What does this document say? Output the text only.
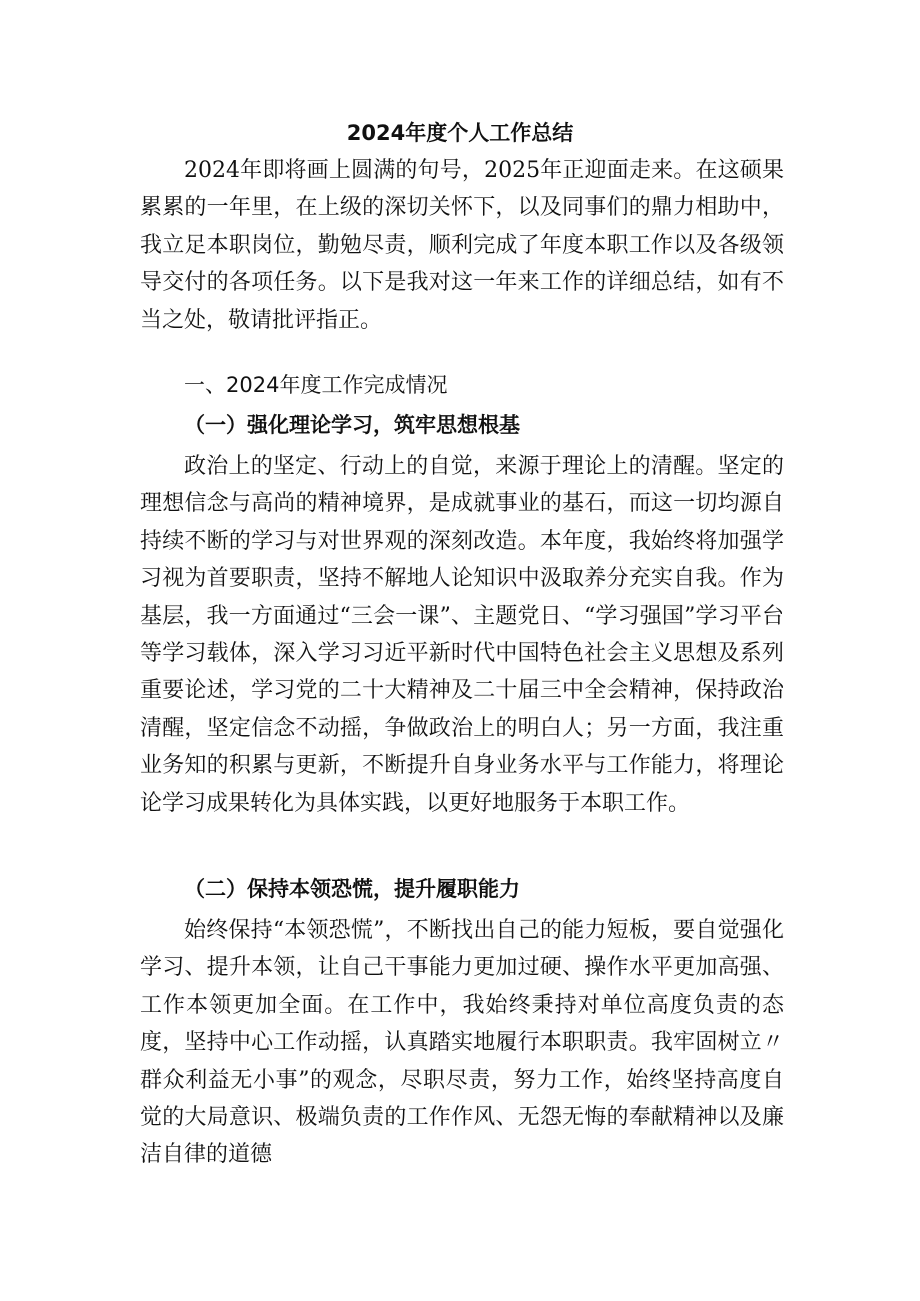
2024年度个人工作总结

2024年即将画上圆满的句号，2025年正迎面走来。在这硕果累累的一年里，在上级的深切关怀下，以及同事们的鼎力相助中，我立足本职岗位，勤勉尽责，顺利完成了年度本职工作以及各级领导交付的各项任务。以下是我对这一年来工作的详细总结，如有不当之处，敬请批评指正。

一、2024年度工作完成情况
（一）强化理论学习，筑牢思想根基

政治上的坚定、行动上的自觉，来源于理论上的清醒。坚定的理想信念与高尚的精神境界，是成就事业的基石，而这一切均源自持续不断的学习与对世界观的深刻改造。本年度，我始终将加强学习视为首要职责，坚持不解地人论知识中汲取养分充实自我。作为基层，我一方面通过“三会一课”、主题党日、“学习强国”学习平台等学习载体，深入学习习近平新时代中国特色社会主义思想及系列重要论述，学习党的二十大精神及二十届三中全会精神，保持政治清醒，坚定信念不动摇，争做政治上的明白人；另一方面，我注重业务知的积累与更新，不断提升自身业务水平与工作能力，将理论论学习成果转化为具体实践，以更好地服务于本职工作。

（二）保持本领恐慌，提升履职能力

始终保持“本领恐慌”，不断找出自己的能力短板，要自觉强化学习、提升本领，让自己干事能力更加过硬、操作水平更加高强、工作本领更加全面。在工作中，我始终秉持对单位高度负责的态度，坚持中心工作动摇，认真踏实地履行本职职责。我牢固树立〃群众利益无小事”的观念，尽职尽责，努力工作，始终坚持高度自觉的大局意识、极端负责的工作作风、无怨无悔的奉献精神以及廉洁自律的道德
